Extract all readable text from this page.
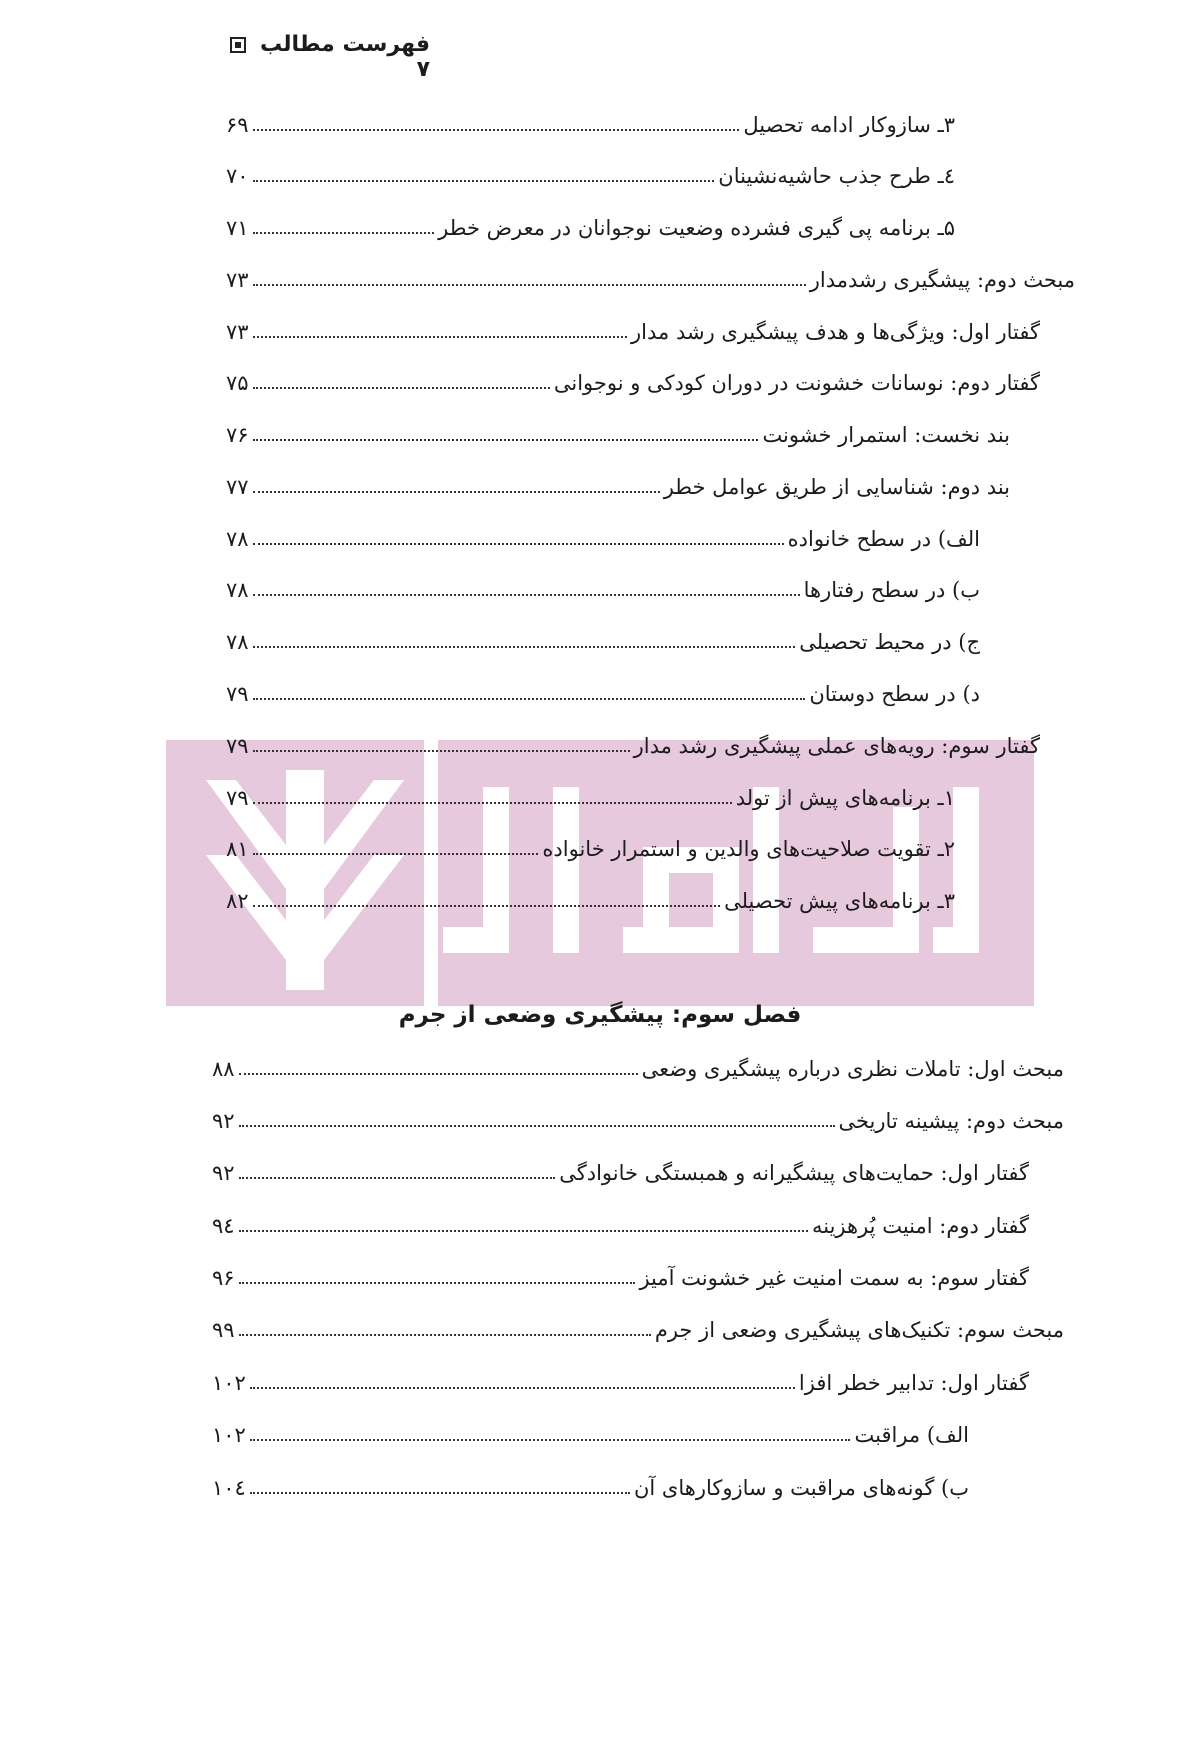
فهرست مطالب  ۷
۳ـ سازوکار ادامه تحصیل
۶۹
٤ـ طرح جذب حاشیه‌نشینان
۷۰
۵ـ برنامه پی گیری فشرده وضعیت نوجوانان در معرض خطر
۷۱
مبحث دوم: پیشگیری رشدمدار
۷۳
گفتار اول: ویژگی‌ها و هدف پیشگیری رشد مدار
۷۳
گفتار دوم: نوسانات خشونت در دوران کودکی و نوجوانی
۷۵
بند نخست: استمرار خشونت
۷۶
بند دوم: شناسایی از طریق عوامل خطر
۷۷
الف) در سطح خانواده
۷۸
ب) در سطح رفتارها
۷۸
ج) در محیط تحصیلی
۷۸
د) در سطح دوستان
۷۹
گفتار سوم: رویه‌های عملی پیشگیری رشد مدار
۷۹
۱ـ برنامه‌های پیش از تولد
۷۹
۲ـ تقویت صلاحیت‌های والدین و استمرار خانواده
۸۱
۳ـ برنامه‌های پیش تحصیلی
۸۲
فصل سوم: پیشگیری وضعی از جرم
مبحث اول: تاملات نظری درباره پیشگیری وضعی
۸۸
مبحث دوم: پیشینه تاریخی
۹۲
گفتار اول: حمایت‌های پیشگیرانه و همبستگی خانوادگی
۹۲
گفتار دوم: امنیت پُرهزینه
۹٤
گفتار سوم: به سمت امنیت غیر خشونت آمیز
۹۶
مبحث سوم: تکنیک‌های پیشگیری وضعی از جرم
۹۹
گفتار اول: تدابیر خطر افزا
۱۰۲
الف) مراقبت
۱۰۲
ب) گونه‌های مراقبت و سازوکارهای آن
۱۰٤
